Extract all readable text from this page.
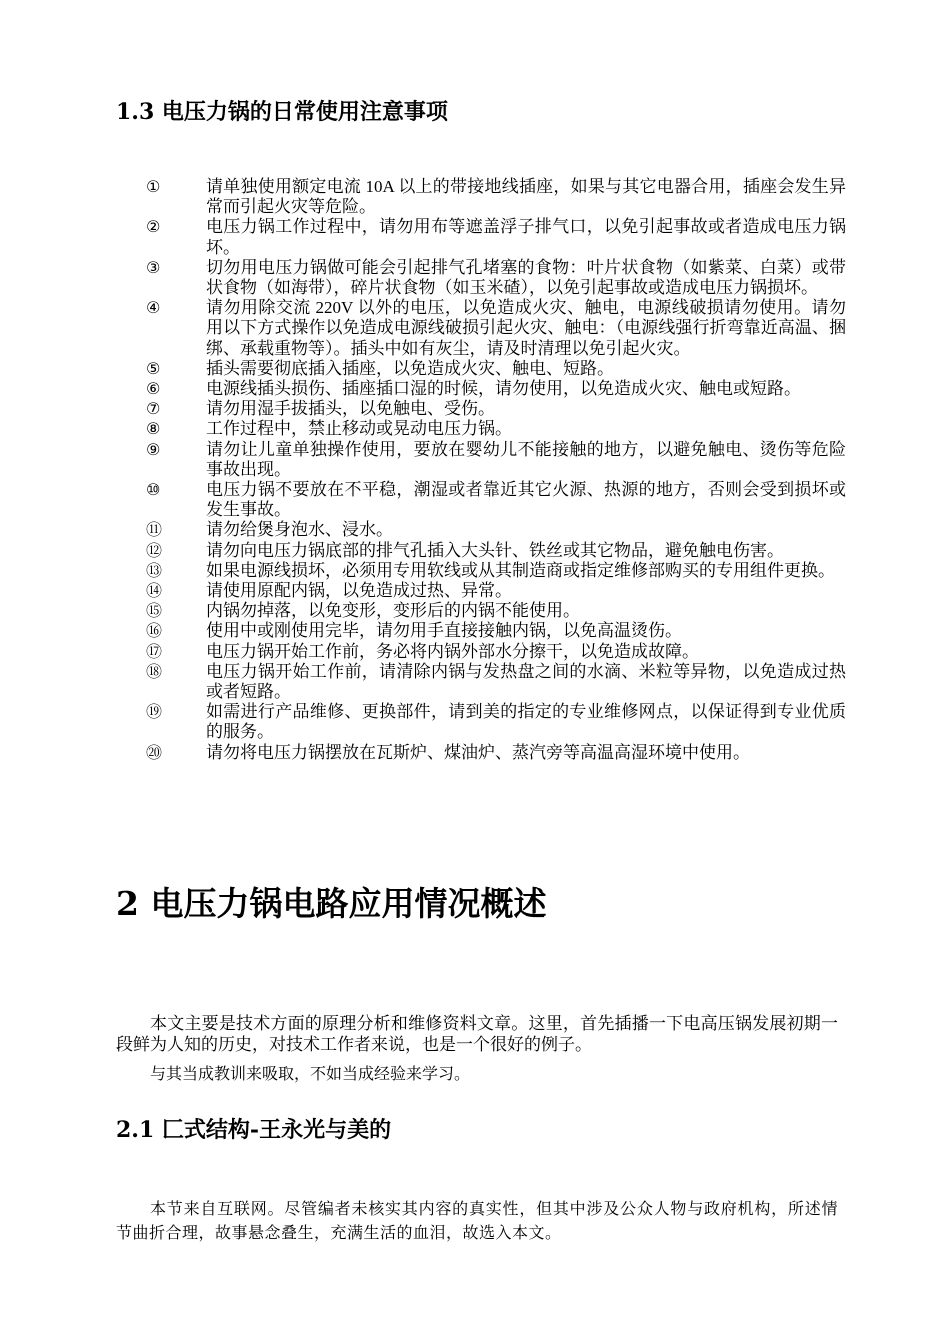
1.3 电压力锅的日常使用注意事项
①	请单独使用额定电流 10A 以上的带接地线插座，如果与其它电器合用，插座会发生异常而引起火灾等危险。
②	电压力锅工作过程中，请勿用布等遮盖浮子排气口，以免引起事故或者造成电压力锅坏。
③	切勿用电压力锅做可能会引起排气孔堵塞的食物：叶片状食物（如紫菜、白菜）或带状食物（如海带），碎片状食物（如玉米碴），以免引起事故或造成电压力锅损坏。
④	请勿用除交流 220V 以外的电压，以免造成火灾、触电，电源线破损请勿使用。请勿用以下方式操作以免造成电源线破损引起火灾、触电：（电源线强行折弯靠近高温、捆绑、承载重物等）。插头中如有灰尘，请及时清理以免引起火灾。
⑤	插头需要彻底插入插座，以免造成火灾、触电、短路。
⑥	电源线插头损伤、插座插口湿的时候，请勿使用，以免造成火灾、触电或短路。
⑦	请勿用湿手拔插头，以免触电、受伤。
⑧	工作过程中，禁止移动或晃动电压力锅。
⑨	请勿让儿童单独操作使用，要放在婴幼儿不能接触的地方，以避免触电、烫伤等危险事故出现。
⑩	电压力锅不要放在不平稳，潮湿或者靠近其它火源、热源的地方，否则会受到损坏或发生事故。
⑪	请勿给煲身泡水、浸水。
⑫	请勿向电压力锅底部的排气孔插入大头针、铁丝或其它物品，避免触电伤害。
⑬	如果电源线损坏，必须用专用软线或从其制造商或指定维修部购买的专用组件更换。
⑭	请使用原配内锅，以免造成过热、异常。
⑮	内锅勿掉落，以免变形，变形后的内锅不能使用。
⑯	使用中或刚使用完毕，请勿用手直接接触内锅，以免高温烫伤。
⑰	电压力锅开始工作前，务必将内锅外部水分擦干，以免造成故障。
⑱	电压力锅开始工作前，请清除内锅与发热盘之间的水滴、米粒等异物，以免造成过热或者短路。
⑲	如需进行产品维修、更换部件，请到美的指定的专业维修网点，以保证得到专业优质的服务。
⑳	请勿将电压力锅摆放在瓦斯炉、煤油炉、蒸汽旁等高温高湿环境中使用。
2 电压力锅电路应用情况概述

本文主要是技术方面的原理分析和维修资料文章。这里，首先插播一下电高压锅发展初期一段鲜为人知的历史，对技术工作者来说，也是一个很好的例子。

与其当成教训来吸取，不如当成经验来学习。

2.1 匚式结构-王永光与美的

本节来自互联网。尽管编者未核实其内容的真实性，但其中涉及公众人物与政府机构，所述情节曲折合理，故事悬念叠生，充满生活的血泪，故选入本文。
